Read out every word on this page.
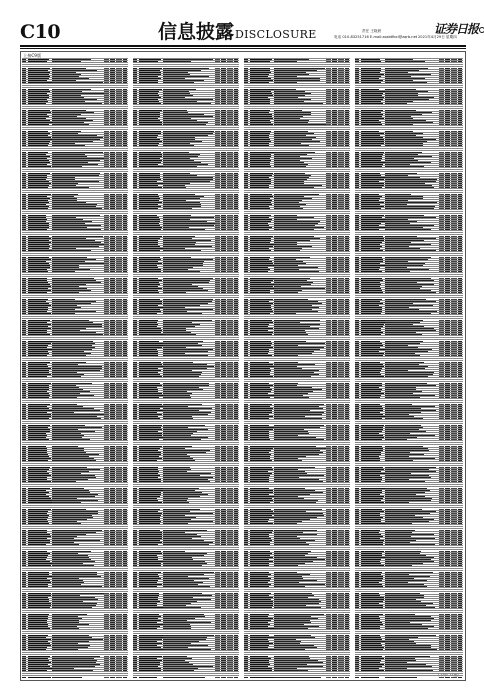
C10	信息披露DISCLOSURE	责任 王晓晨
电话 010-83251716 E-mail:zqsbtfbcl@zqrb.net
证券日报
2021年4月29日 星期四
上接C9版
